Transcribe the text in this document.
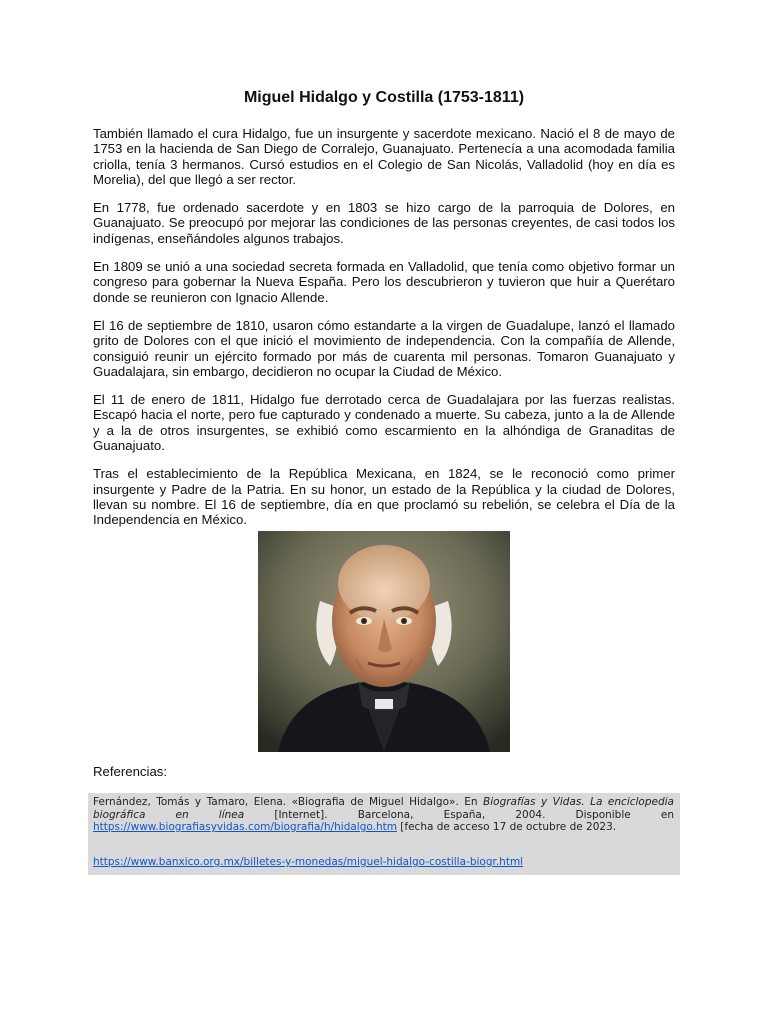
Miguel Hidalgo y Costilla (1753-1811)

También llamado el cura Hidalgo, fue un insurgente y sacerdote mexicano. Nació el 8 de mayo de 1753 en la hacienda de San Diego de Corralejo, Guanajuato. Pertenecía a una acomodada familia criolla, tenía 3 hermanos. Cursó estudios en el Colegio de San Nicolás, Valladolid (hoy en día es Morelia), del que llegó a ser rector.

En 1778, fue ordenado sacerdote y en 1803 se hizo cargo de la parroquia de Dolores, en Guanajuato. Se preocupó por mejorar las condiciones de las personas creyentes, de casi todos los indígenas, enseñándoles algunos trabajos.

En 1809 se unió a una sociedad secreta formada en Valladolid, que tenía como objetivo formar un congreso para gobernar la Nueva España. Pero los descubrieron y tuvieron que huir a Querétaro donde se reunieron con Ignacio Allende.

El 16 de septiembre de 1810, usaron cómo estandarte a la virgen de Guadalupe, lanzó el llamado grito de Dolores con el que inició el movimiento de independencia. Con la compañía de Allende, consiguió reunir un ejército formado por más de cuarenta mil personas. Tomaron Guanajuato y Guadalajara, sin embargo, decidieron no ocupar la Ciudad de México.

El 11 de enero de 1811, Hidalgo fue derrotado cerca de Guadalajara por las fuerzas realistas. Escapó hacia el norte, pero fue capturado y condenado a muerte. Su cabeza, junto a la de Allende y a la de otros insurgentes, se exhibió como escarmiento en la alhóndiga de Granaditas de Guanajuato.

Tras el establecimiento de la República Mexicana, en 1824, se le reconoció como primer insurgente y Padre de la Patria. En su honor, un estado de la República y la ciudad de Dolores, llevan su nombre. El 16 de septiembre, día en que proclamó su rebelión, se celebra el Día de la Independencia en México.

Referencias:
Fernández, Tomás y Tamaro, Elena. «Biografia de Miguel Hidalgo». En Biografías y Vidas. La enciclopedia biográfica en línea [Internet]. Barcelona, España, 2004. Disponible en https://www.biografiasyvidas.com/biografia/h/hidalgo.htm [fecha de acceso 17 de octubre de 2023.
https://www.banxico.org.mx/billetes-y-monedas/miguel-hidalgo-costilla-biogr.html
